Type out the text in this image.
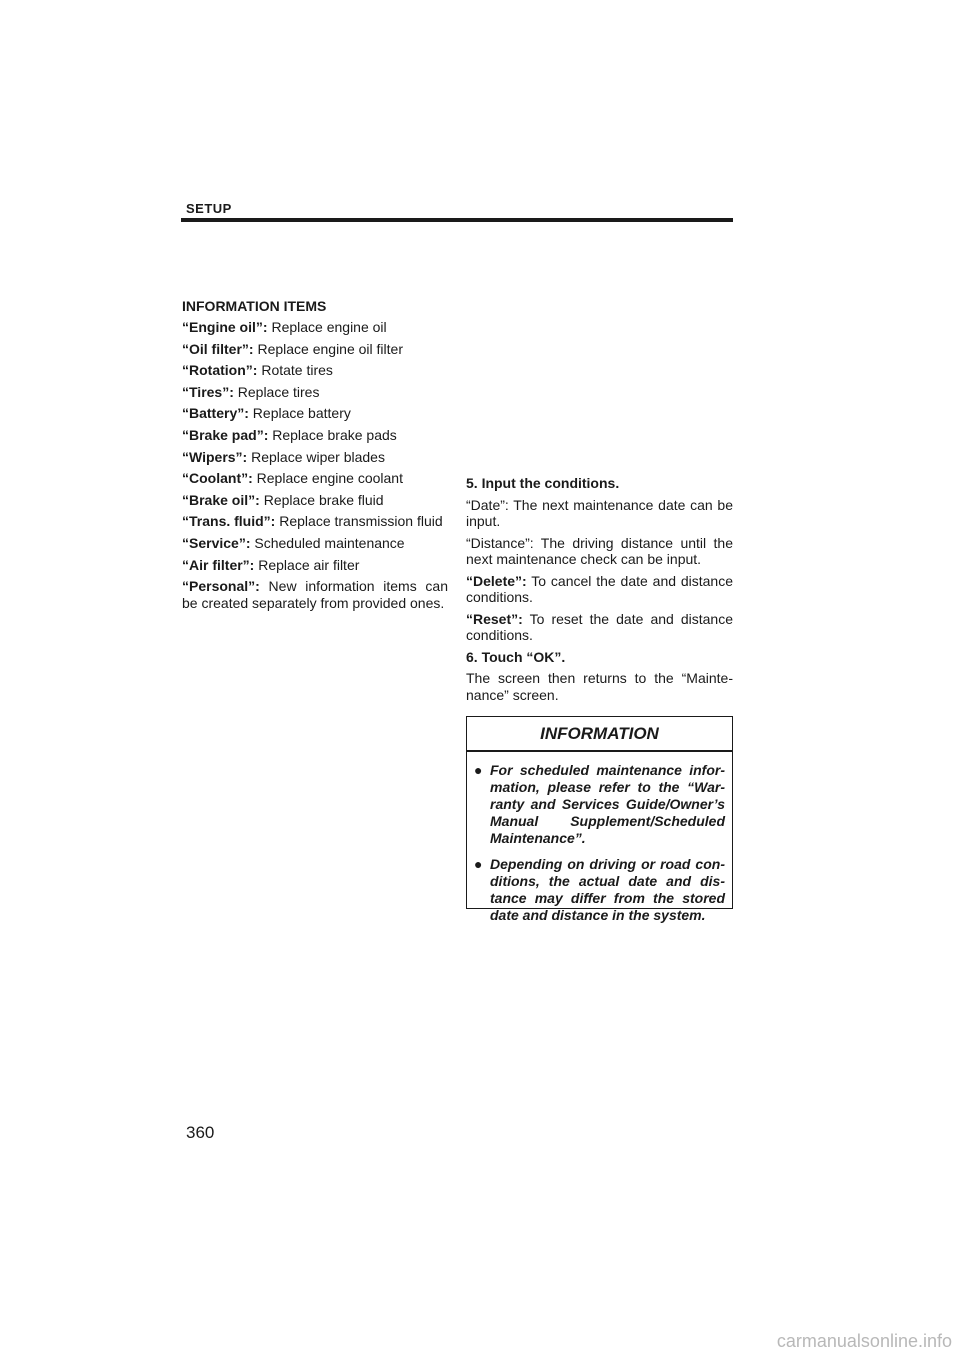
SETUP
INFORMATION ITEMS
“Engine oil”: Replace engine oil
“Oil filter”: Replace engine oil filter
“Rotation”: Rotate tires
“Tires”: Replace tires
“Battery”: Replace battery
“Brake pad”: Replace brake pads
“Wipers”: Replace wiper blades
“Coolant”: Replace engine coolant
“Brake oil”: Replace brake fluid
“Trans. fluid”: Replace transmission fluid
“Service”: Scheduled maintenance
“Air filter”: Replace air filter
“Personal”: New information items can be created separately from provided ones.

5. Input the conditions.

“Date”: The next maintenance date can be input.

“Distance”: The driving distance until the next maintenance check can be input.

“Delete”: To cancel the date and distance conditions.

“Reset”: To reset the date and distance conditions.

6. Touch “OK”.

The screen then returns to the “Mainte-nance” screen.

INFORMATION
● For scheduled maintenance infor-mation, please refer to the “War-ranty and Services Guide/Owner’s Manual Supplement/Scheduled Maintenance”.
● Depending on driving or road con-ditions, the actual date and dis-tance may differ from the stored date and distance in the system.
360
carmanualsonline.info
